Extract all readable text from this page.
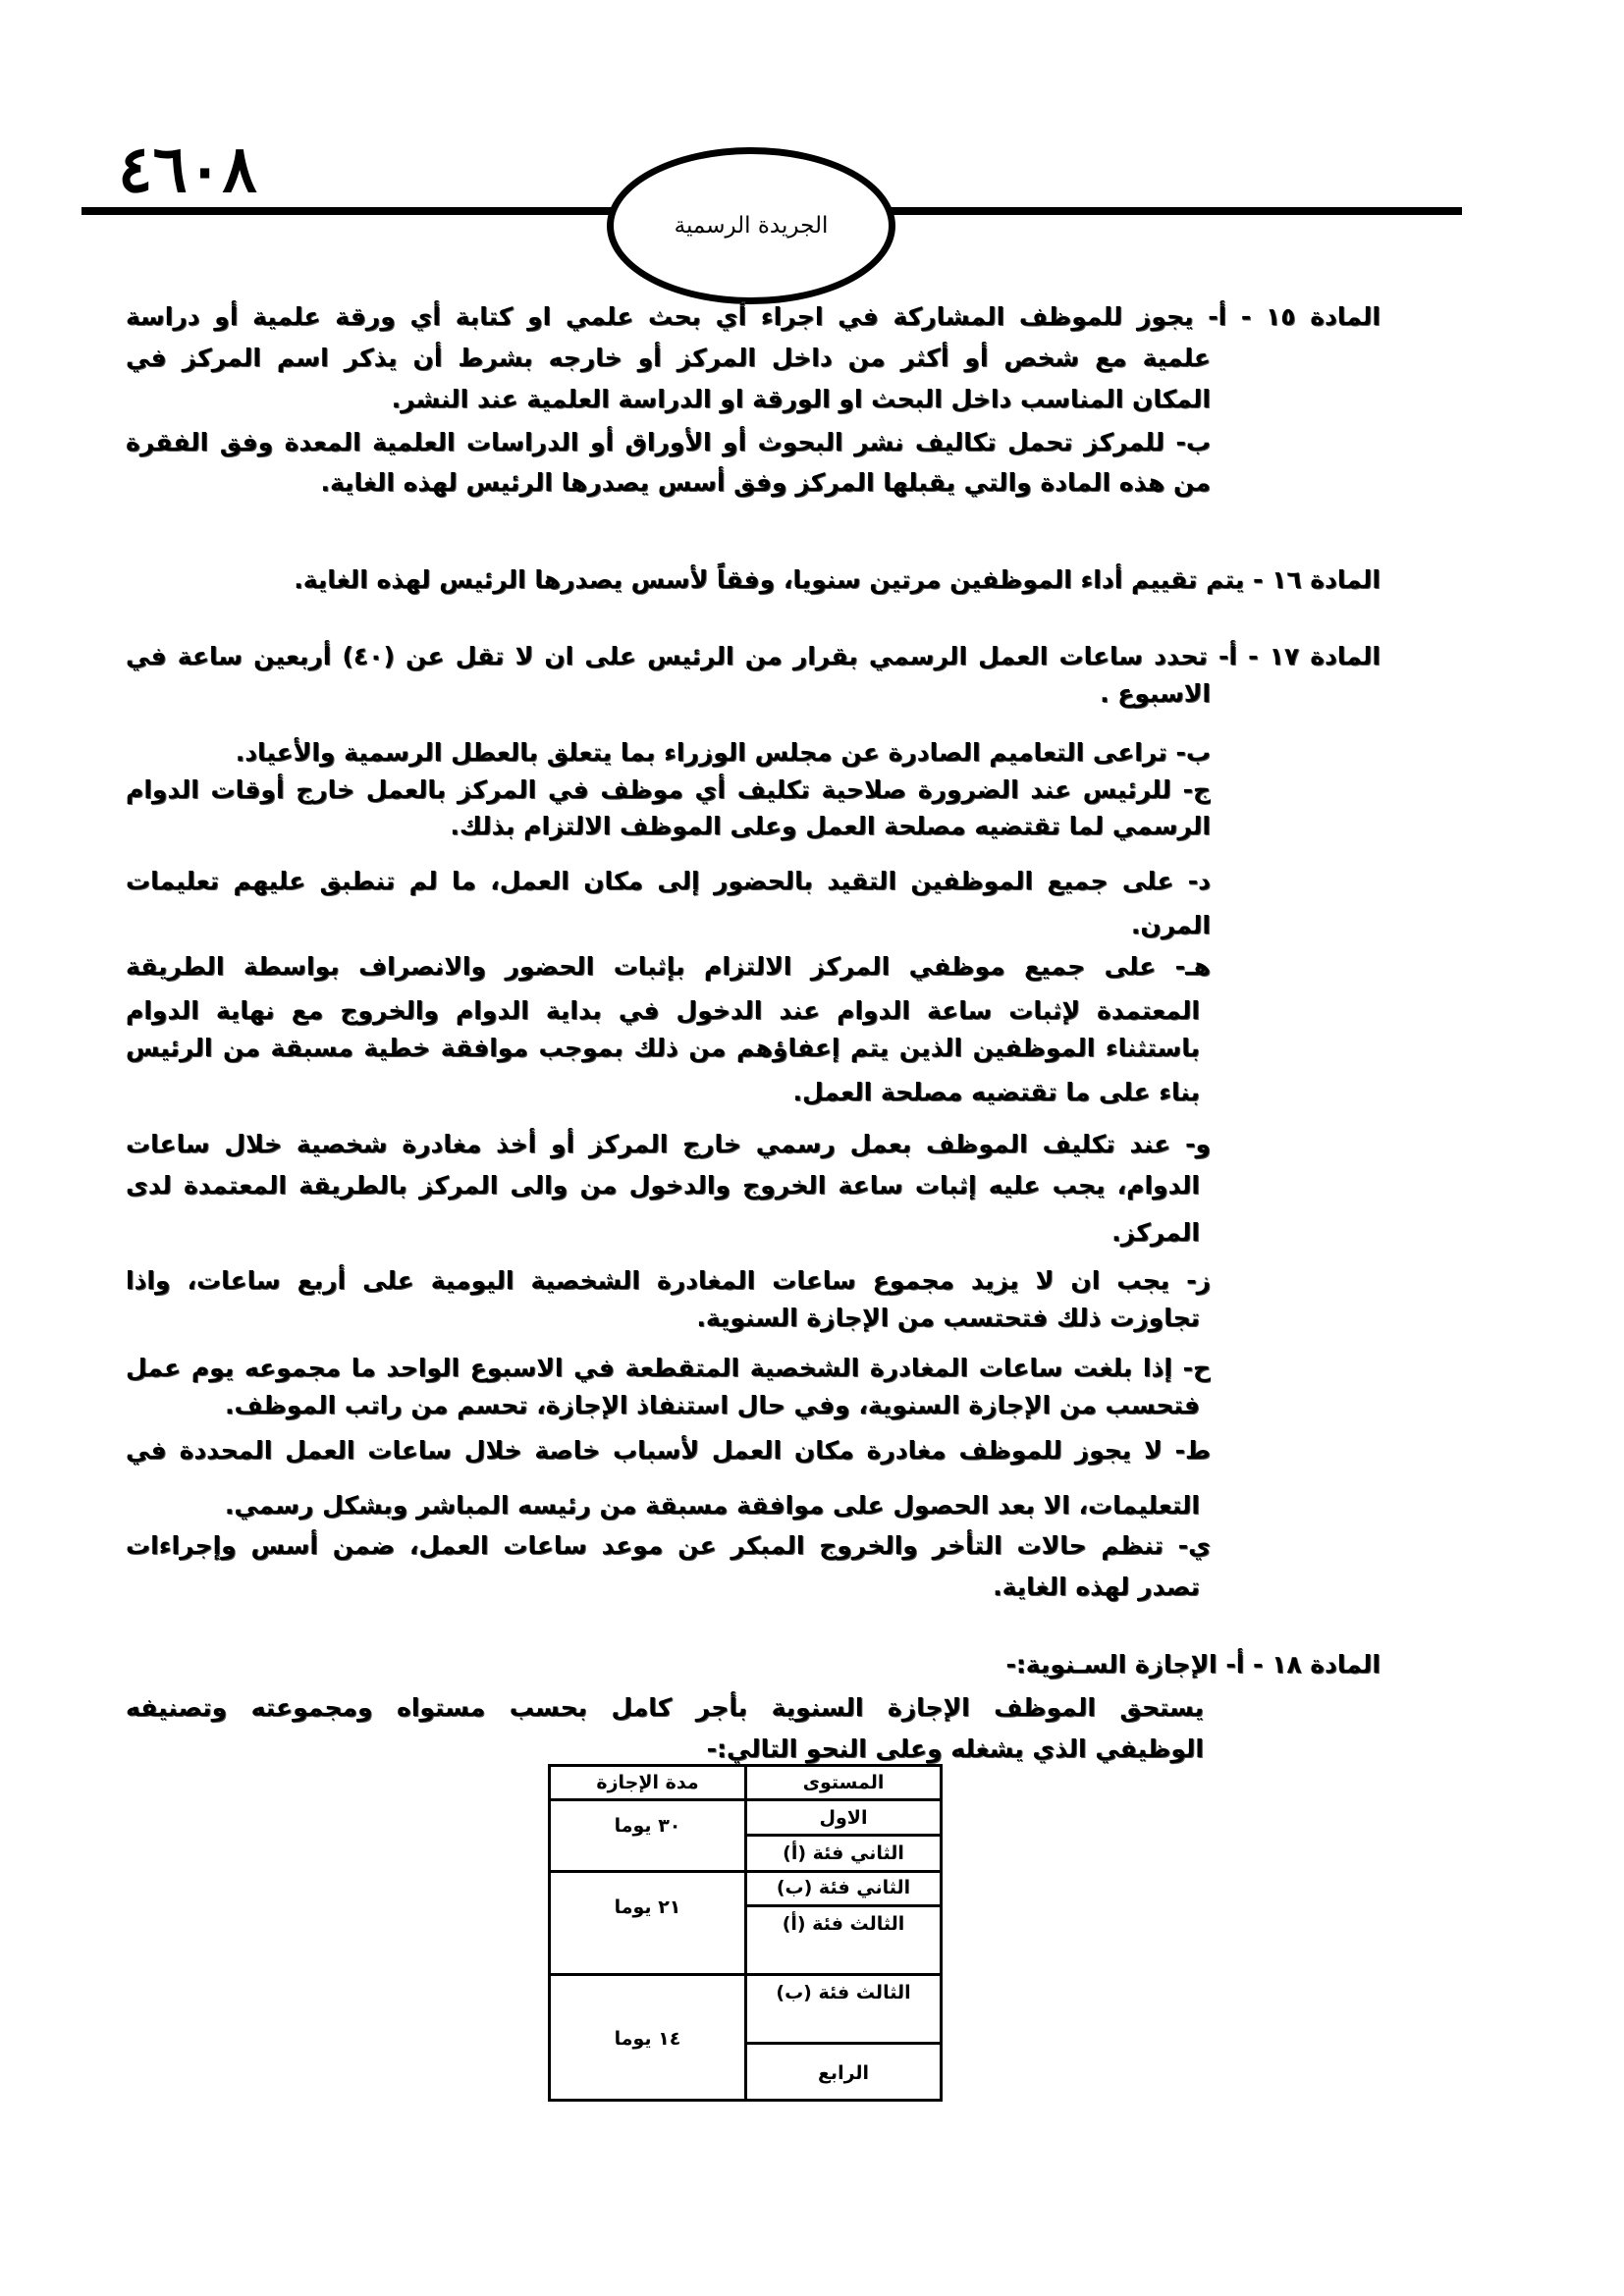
٤٦٠٨
الجريدة الرسمية
المادة ١٥ - أ- يجوز للموظف المشاركة في اجراء أي بحث علمي او كتابة أي ورقة علمية أو دراسة
علمية مع شخص أو أكثر من داخل المركز أو خارجه بشرط أن يذكر اسم المركز في
المكان المناسب داخل البحث او الورقة او الدراسة العلمية عند النشر.
ب- للمركز تحمل تكاليف نشر البحوث أو الأوراق أو الدراسات العلمية المعدة وفق الفقرة
من هذه المادة والتي يقبلها المركز وفق أسس يصدرها الرئيس لهذه الغاية.
المادة ١٦ - يتم تقييم أداء الموظفين مرتين سنويا، وفقاً لأسس يصدرها الرئيس لهذه الغاية.
المادة ١٧ - أ- تحدد ساعات العمل الرسمي بقرار من الرئيس على ان لا تقل عن (٤٠) أربعين ساعة في
الاسبوع .
ب- تراعى التعاميم الصادرة عن مجلس الوزراء بما يتعلق بالعطل الرسمية والأعياد.
ج- للرئيس عند الضرورة صلاحية تكليف أي موظف في المركز بالعمل خارج أوقات الدوام
الرسمي لما تقتضيه مصلحة العمل وعلى الموظف الالتزام بذلك.
د- على جميع الموظفين التقيد بالحضور إلى مكان العمل، ما لم تنطبق عليهم تعليمات
المرن.
هـ- على جميع موظفي المركز الالتزام بإثبات الحضور والانصراف بواسطة الطريقة
المعتمدة لإثبات ساعة الدوام عند الدخول في بداية الدوام والخروج مع نهاية الدوام
باستثناء الموظفين الذين يتم إعفاؤهم من ذلك بموجب موافقة خطية مسبقة من الرئيس
بناء على ما تقتضيه مصلحة العمل.
و- عند تكليف الموظف بعمل رسمي خارج المركز أو أخذ مغادرة شخصية خلال ساعات
الدوام، يجب عليه إثبات ساعة الخروج والدخول من والى المركز بالطريقة المعتمدة لدى
المركز.
ز- يجب ان لا يزيد مجموع ساعات المغادرة الشخصية اليومية على أربع ساعات، واذا
تجاوزت ذلك فتحتسب من الإجازة السنوية.
ح- إذا بلغت ساعات المغادرة الشخصية المتقطعة في الاسبوع الواحد ما مجموعه يوم عمل
فتحسب من الإجازة السنوية، وفي حال استنفاذ الإجازة، تحسم من راتب الموظف.
ط- لا يجوز للموظف مغادرة مكان العمل لأسباب خاصة خلال ساعات العمل المحددة في
التعليمات، الا بعد الحصول على موافقة مسبقة من رئيسه المباشر وبشكل رسمي.
ي- تنظم حالات التأخر والخروج المبكر عن موعد ساعات العمل، ضمن أسس وإجراءات
تصدر لهذه الغاية.
المادة ١٨ - أ- الإجازة السـنوية:-
يستحق الموظف الإجازة السنوية بأجر كامل بحسب مستواه ومجموعته وتصنيفه
الوظيفي الذي يشغله وعلى النحو التالي:-
المستوى
مدة الإجازة
الاول
الثاني فئة (أ)
الثاني فئة (ب)
الثالث فئة (أ)
الثالث فئة (ب)
الرابع
٣٠ يوما
٢١ يوما
١٤ يوما
